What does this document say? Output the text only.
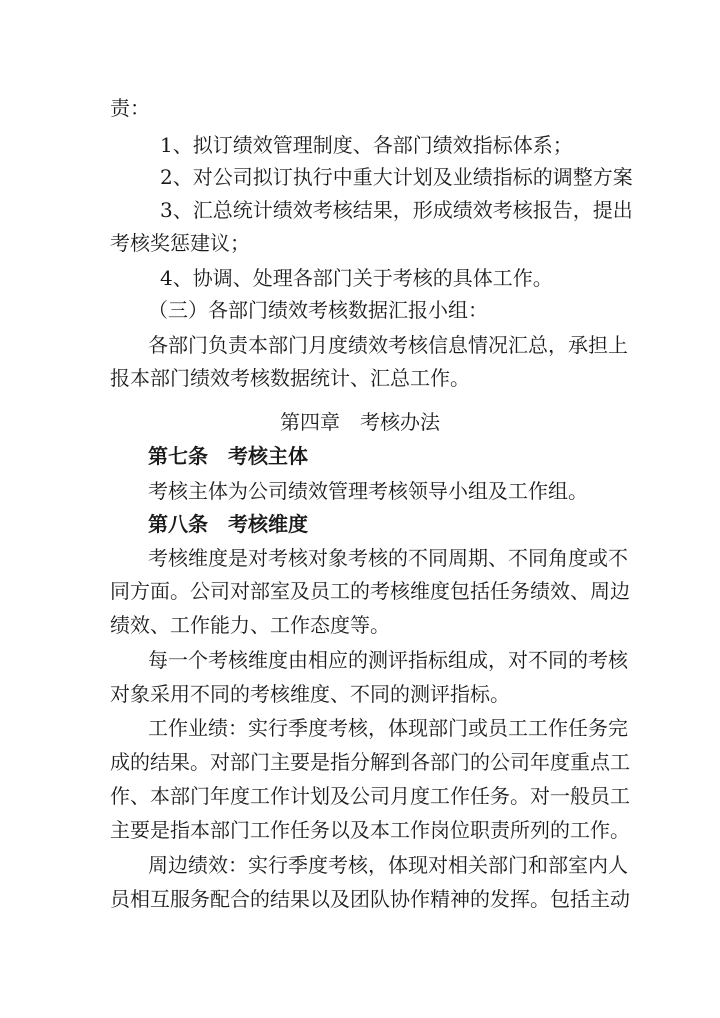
责：
1、拟订绩效管理制度、各部门绩效指标体系；
2、对公司拟订执行中重大计划及业绩指标的调整方案
3、汇总统计绩效考核结果，形成绩效考核报告，提出
考核奖惩建议；
4、协调、处理各部门关于考核的具体工作。
（三）各部门绩效考核数据汇报小组：
各部门负责本部门月度绩效考核信息情况汇总，承担上
报本部门绩效考核数据统计、汇总工作。
第四章　考核办法
第七条　考核主体
考核主体为公司绩效管理考核领导小组及工作组。
第八条　考核维度
考核维度是对考核对象考核的不同周期、不同角度或不
同方面。公司对部室及员工的考核维度包括任务绩效、周边
绩效、工作能力、工作态度等。
每一个考核维度由相应的测评指标组成，对不同的考核
对象采用不同的考核维度、不同的测评指标。
工作业绩：实行季度考核，体现部门或员工工作任务完
成的结果。对部门主要是指分解到各部门的公司年度重点工
作、本部门年度工作计划及公司月度工作任务。对一般员工
主要是指本部门工作任务以及本工作岗位职责所列的工作。
周边绩效：实行季度考核，体现对相关部门和部室内人
员相互服务配合的结果以及团队协作精神的发挥。包括主动
